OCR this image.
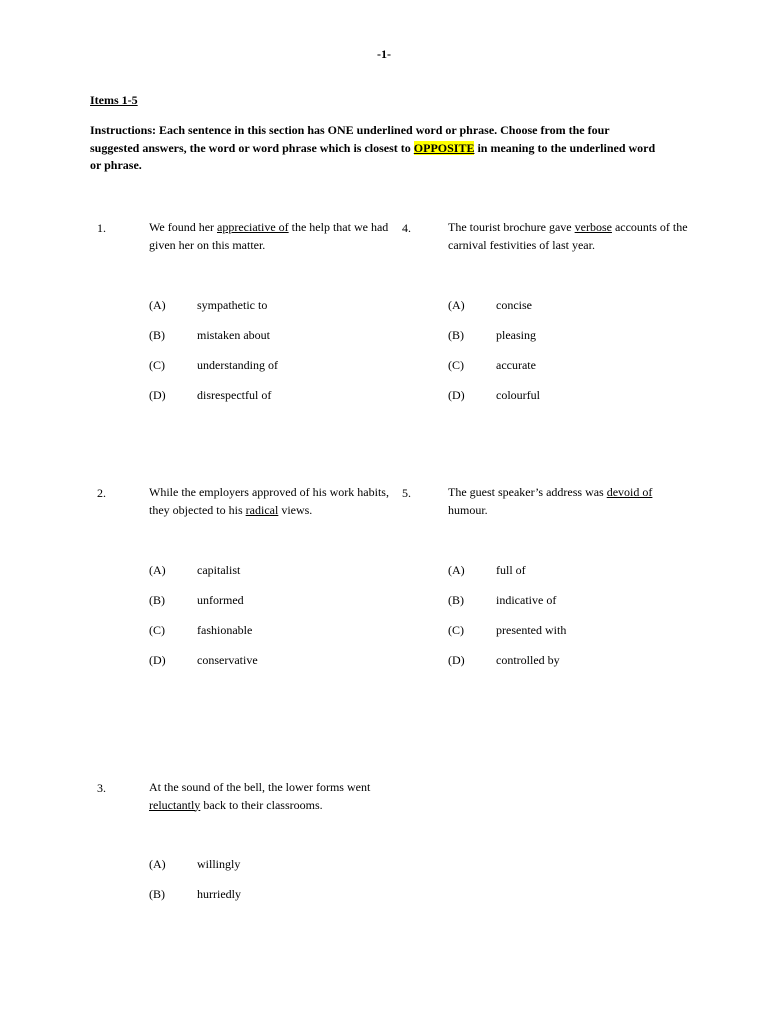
-1-
Items 1-5
Instructions: Each sentence in this section has ONE underlined word or phrase. Choose from the four suggested answers, the word or word phrase which is closest to OPPOSITE in meaning to the underlined word or phrase.
1.	We found her appreciative of the help that we had given her on this matter.
(A)	sympathetic to
(B)	mistaken about
(C)	understanding of
(D)	disrespectful of
2.	While the employers approved of his work habits, they objected to his radical views.
(A)	capitalist
(B)	unformed
(C)	fashionable
(D)	conservative
3.	At the sound of the bell, the lower forms went reluctantly back to their classrooms.
(A)	willingly
(B)	hurriedly
4.	The tourist brochure gave verbose accounts of the carnival festivities of last year.
(A)	concise
(B)	pleasing
(C)	accurate
(D)	colourful
5.	The guest speaker’s address was devoid of humour.
(A)	full of
(B)	indicative of
(C)	presented with
(D)	controlled by
